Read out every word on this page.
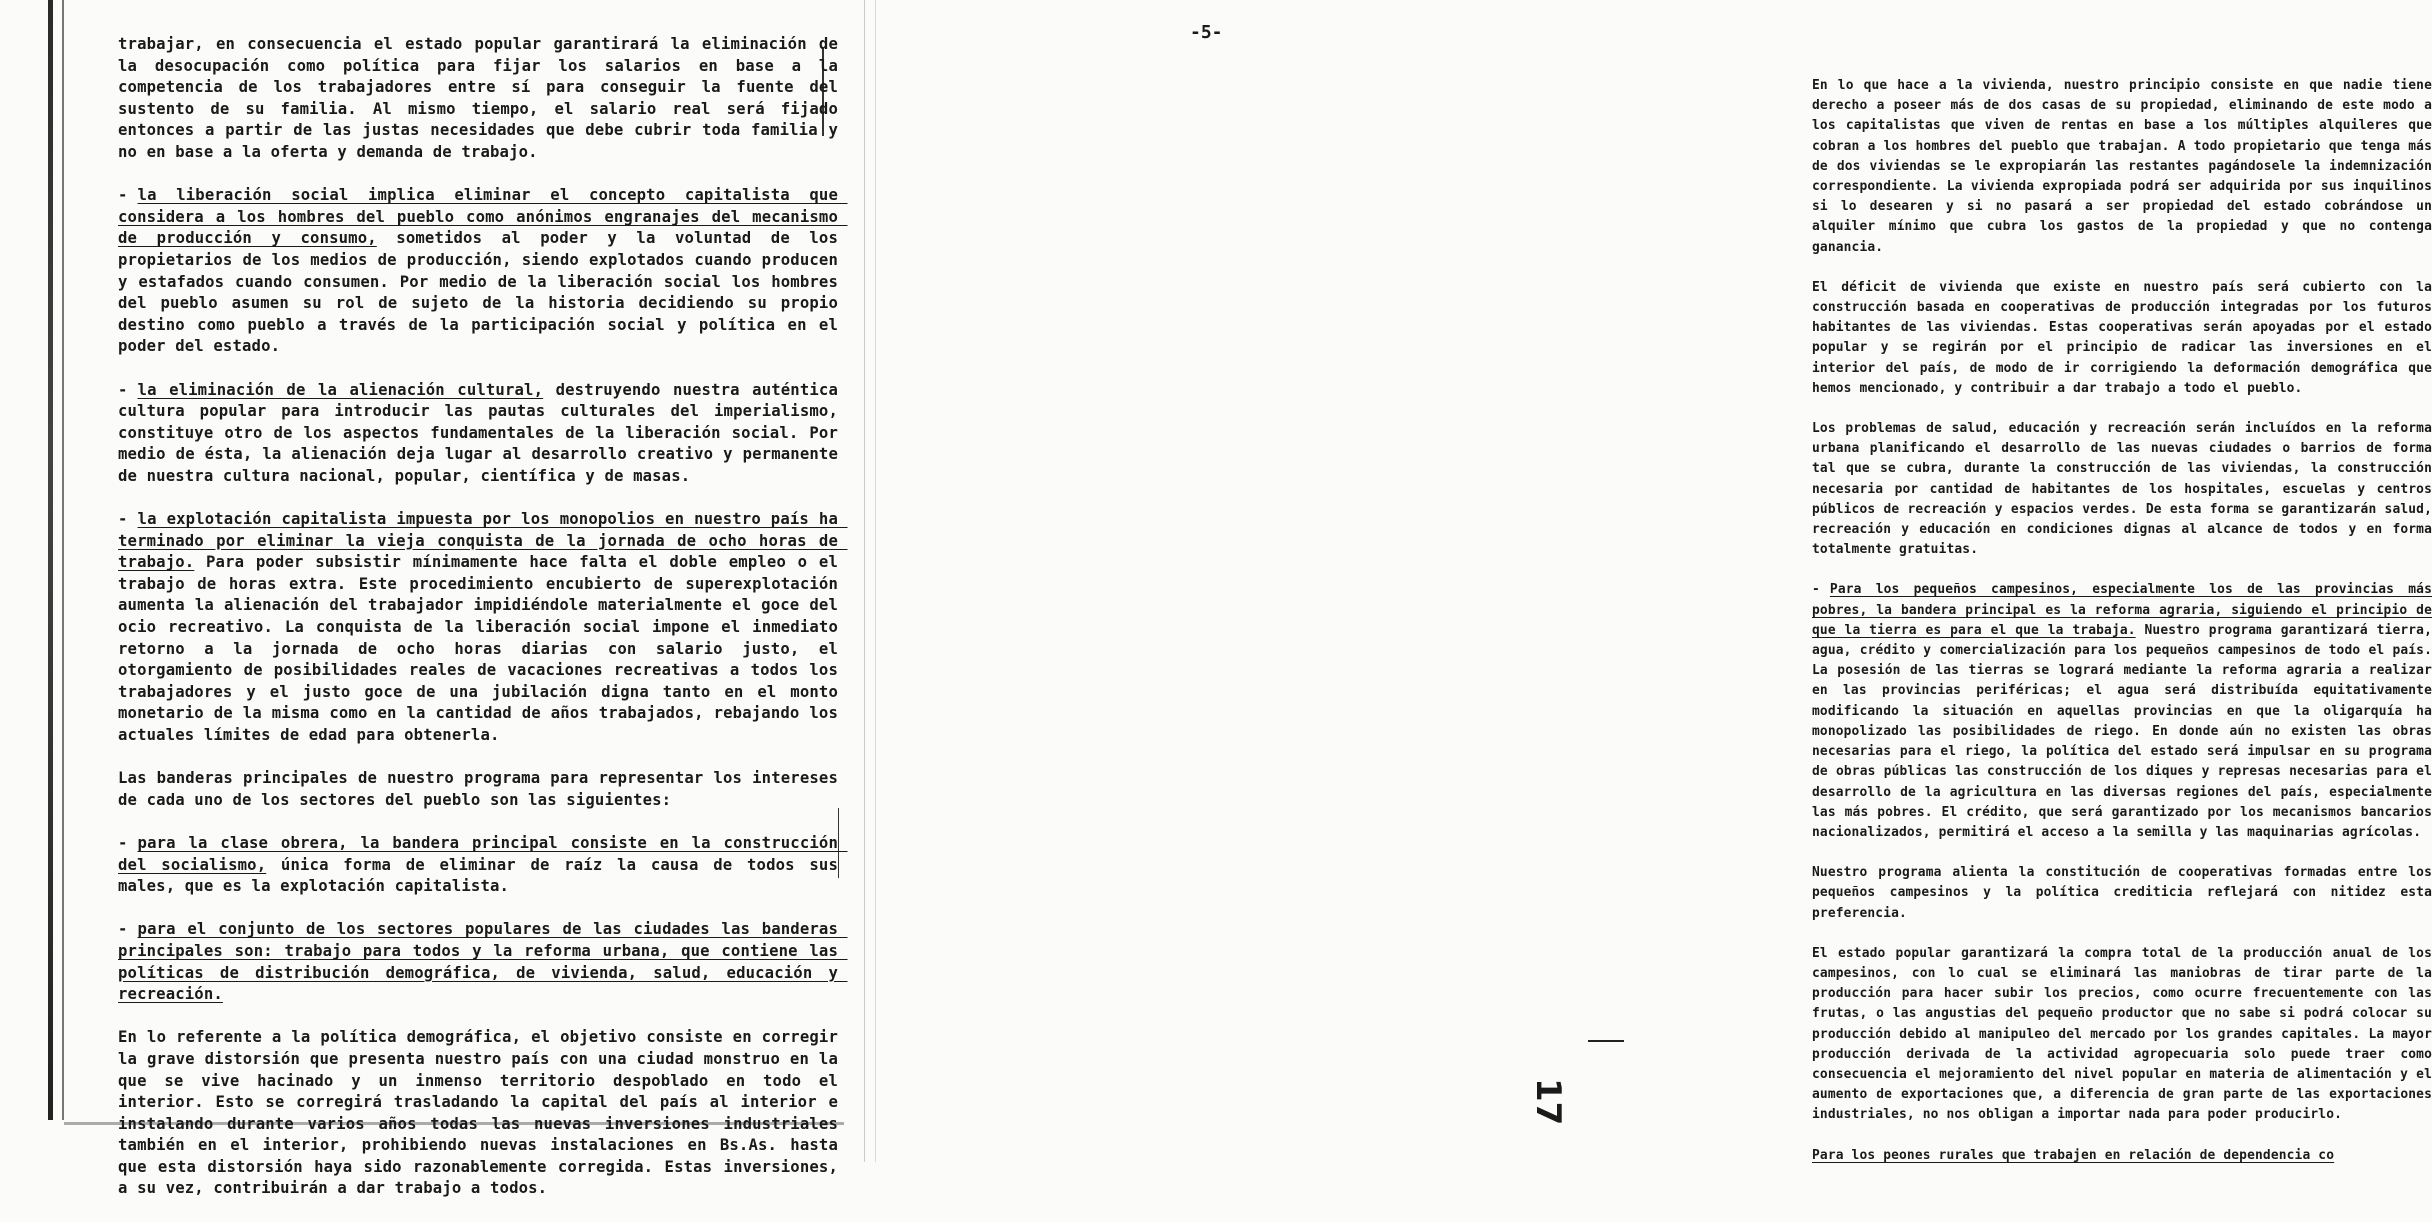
trabajar, en consecuencia el estado popular garantirará la eliminación de la desocupación como política para fijar los salarios en base a la competencia de los trabajadores entre sí para conseguir la fuente del sustento de su familia. Al mismo tiempo, el salario real será fijado entonces a partir de las justas necesidades que debe cubrir toda familia y no en base a la oferta y demanda de trabajo.
- la liberación social implica eliminar el concepto capitalista que considera a los hombres del pueblo como anónimos engranajes del mecanismo de producción y consumo, sometidos al poder y la voluntad de los propietarios de los medios de producción, siendo explotados cuando producen y estafados cuando consumen. Por medio de la liberación social los hombres del pueblo asumen su rol de sujeto de la historia decidiendo su propio destino como pueblo a través de la participación social y política en el poder del estado.
- la eliminación de la alienación cultural, destruyendo nuestra auténtica cultura popular para introducir las pautas culturales del imperialismo, constituye otro de los aspectos fundamentales de la liberación social. Por medio de ésta, la alienación deja lugar al desarrollo creativo y permanente de nuestra cultura nacional, popular, científica y de masas.
- la explotación capitalista impuesta por los monopolios en nuestro país ha terminado por eliminar la vieja conquista de la jornada de ocho horas de trabajo. Para poder subsistir mínimamente hace falta el doble empleo o el trabajo de horas extra. Este procedimiento encubierto de superexplotación aumenta la alienación del trabajador impidiéndole materialmente el goce del ocio recreativo. La conquista de la liberación social impone el inmediato retorno a la jornada de ocho horas diarias con salario justo, el otorgamiento de posibilidades reales de vacaciones recreativas a todos los trabajadores y el justo goce de una jubilación digna tanto en el monto monetario de la misma como en la cantidad de años trabajados, rebajando los actuales límites de edad para obtenerla.
Las banderas principales de nuestro programa para representar los intereses de cada uno de los sectores del pueblo son las siguientes:
- para la clase obrera, la bandera principal consiste en la construcción del socialismo, única forma de eliminar de raíz la causa de todos sus males, que es la explotación capitalista.
- para el conjunto de los sectores populares de las ciudades las banderas principales son: trabajo para todos y la reforma urbana, que contiene las políticas de distribución demográfica, de vivienda, salud, educación y recreación.
En lo referente a la política demográfica, el objetivo consiste en corregir la grave distorsión que presenta nuestro país con una ciudad monstruo en la que se vive hacinado y un inmenso territorio despoblado en todo el interior. Esto se corregirá trasladando la capital del país al interior e instalando durante varios años todas las nuevas inversiones industriales también en el interior, prohibiendo nuevas instalaciones en Bs.As. hasta que esta distorsión haya sido razonablemente corregida. Estas inversiones, a su vez, contribuirán a dar trabajo a todos.
En lo que hace a la vivienda, nuestro principio consiste en que nadie tiene derecho a poseer más de dos casas de su propiedad, eliminando de este modo a los capitalistas que viven de rentas en base a los múltiples alquileres que cobran a los hombres del pueblo que trabajan. A todo propietario que tenga más de dos viviendas se le expropiarán las restantes pagándosele la indemnización correspondiente. La vivienda expropiada podrá ser adquirida por sus inquilinos si lo desearen y si no pasará a ser propiedad del estado cobrándose un alquiler mínimo que cubra los gastos de la propiedad y que no contenga ganancia.
El déficit de vivienda que existe en nuestro país será cubierto con la construcción basada en cooperativas de producción integradas por los futuros habitantes de las viviendas. Estas cooperativas serán apoyadas por el estado popular y se regirán por el principio de radicar las inversiones en el interior del país, de modo de ir corrigiendo la deformación demográfica que hemos mencionado, y contribuir a dar trabajo a todo el pueblo.
Los problemas de salud, educación y recreación serán incluídos en la reforma urbana planificando el desarrollo de las nuevas ciudades o barrios de forma tal que se cubra, durante la construcción de las viviendas, la construcción necesaria por cantidad de habitantes de los hospitales, escuelas y centros públicos de recreación y espacios verdes. De esta forma se garantizarán salud, recreación y educación en condiciones dignas al alcance de todos y en forma totalmente gratuitas.
- Para los pequeños campesinos, especialmente los de las provincias más pobres, la bandera principal es la reforma agraria, siguiendo el principio de que la tierra es para el que la trabaja. Nuestro programa garantizará tierra, agua, crédito y comercialización para los pequeños campesinos de todo el país. La posesión de las tierras se logrará mediante la reforma agraria a realizar en las provincias periféricas; el agua será distribuída equitativamente modificando la situación en aquellas provincias en que la oligarquía ha monopolizado las posibilidades de riego. En donde aún no existen las obras necesarias para el riego, la política del estado será impulsar en su programa de obras públicas las construcción de los diques y represas necesarias para el desarrollo de la agricultura en las diversas regiones del país, especialmente las más pobres. El crédito, que será garantizado por los mecanismos bancarios nacionalizados, permitirá el acceso a la semilla y las maquinarias agrícolas.
Nuestro programa alienta la constitución de cooperativas formadas entre los pequeños campesinos y la política crediticia reflejará con nitidez esta preferencia.
El estado popular garantizará la compra total de la producción anual de los campesinos, con lo cual se eliminará las maniobras de tirar parte de la producción para hacer subir los precios, como ocurre frecuentemente con las frutas, o las angustias del pequeño productor que no sabe si podrá colocar su producción debido al manipuleo del mercado por los grandes capitales. La mayor producción derivada de la actividad agropecuaria solo puede traer como consecuencia el mejoramiento del nivel popular en materia de alimentación y el aumento de exportaciones que, a diferencia de gran parte de las exportaciones industriales, no nos obligan a importar nada para poder producirlo.
Para los peones rurales que trabajen en relación de dependencia co
-5-
17
